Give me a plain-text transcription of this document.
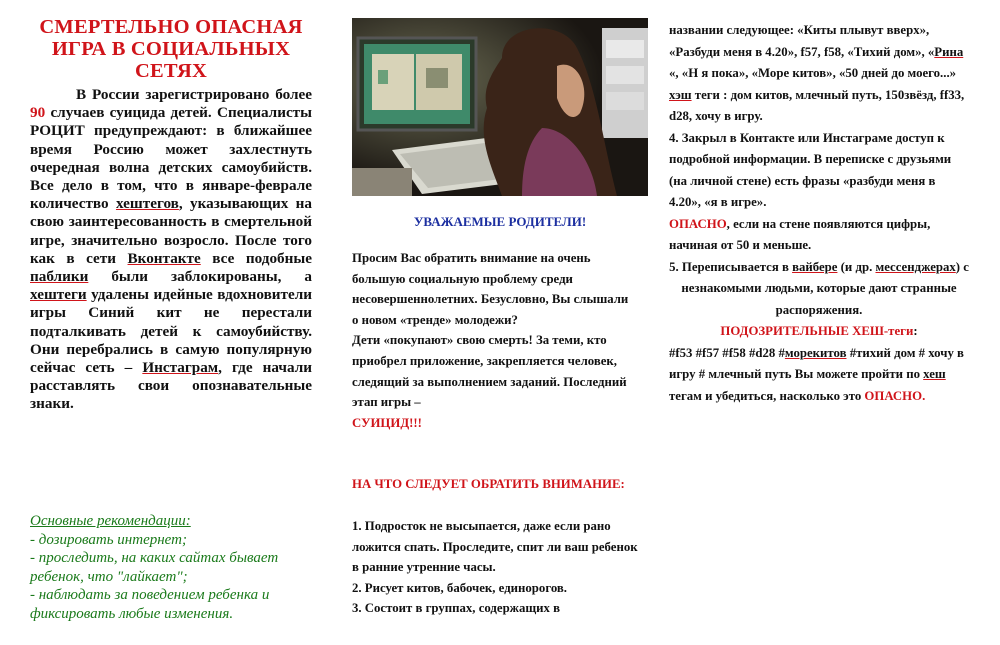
СМЕРТЕЛЬНО ОПАСНАЯ ИГРА В СОЦИАЛЬНЫХ СЕТЯХ

В России зарегистрировано более 90 случаев суицида детей. Специалисты РОЦИТ предупреждают: в ближайшее время Россию может захлестнуть очередная волна детских самоубийств. Все дело в том, что в январе-феврале количество хештегов, указывающих на свою заинтересованность в смертельной игре, значительно возросло. После того как в сети Вконтакте все подобные паблики были заблокированы, а хештеги удалены идейные вдохновители игры Синий кит не перестали подталкивать детей к самоубийству. Они перебрались в самую популярную сейчас сеть – Инстаграм, где начали расставлять свои опознавательные знаки.

Основные рекомендации:
- дозировать интернет;
- проследить, на каких сайтах бывает ребенок, что "лайкает";
- наблюдать за поведением ребенка и фиксировать любые изменения.
УВАЖАЕМЫЕ РОДИТЕЛИ!
Просим Вас обратить внимание на очень большую социальную проблему среди несовершеннолетних. Безусловно, Вы слышали о новом «тренде» молодежи?
Дети «покупают» свою смерть! За теми, кто приобрел приложение, закрепляется человек, следящий за выполнением заданий. Последний этап игры –
СУИЦИД!!!
НА ЧТО СЛЕДУЕТ ОБРАТИТЬ ВНИМАНИЕ:
1. Подросток не высыпается, даже если рано ложится спать. Проследите, спит ли ваш ребенок в ранние утренние часы.
2. Рисует китов, бабочек, единорогов.
3. Состоит в группах, содержащих в

названии следующее: «Киты плывут вверх», «Разбуди меня в 4.20», f57, f58, «Тихий дом», «Рина «, «Н я пока», «Море китов», «50 дней до моего...» хэш теги : дом китов, млечный путь, 150звёзд, ff33, d28, хочу в игру.

4. Закрыл в Контакте или Инстаграме доступ к подробной информации. В переписке с друзьями (на личной стене) есть фразы «разбуди меня в 4.20», «я в игре».

ОПАСНО, если на стене появляются цифры, начиная от 50 и меньше.

5. Переписывается в вайбере (и др. мессенджерах) с незнакомыми людьми, которые дают странные распоряжения.

ПОДОЗРИТЕЛЬНЫЕ ХЕШ-теги:

#f53 #f57 #f58 #d28 #морекитов #тихий дом # хочу в игру # млечный путь Вы можете пройти по хеш тегам и убедиться, насколько это ОПАСНО.
